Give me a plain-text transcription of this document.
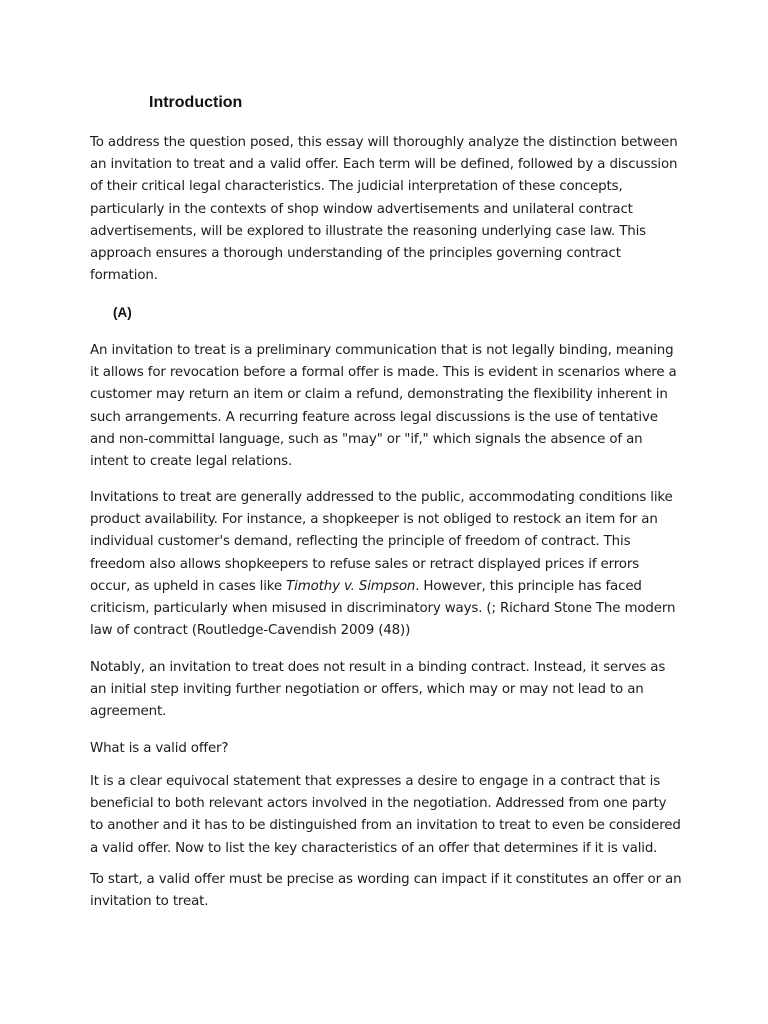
Introduction

To address the question posed, this essay will thoroughly analyze the distinction between an invitation to treat and a valid offer. Each term will be defined, followed by a discussion of their critical legal characteristics. The judicial interpretation of these concepts, particularly in the contexts of shop window advertisements and unilateral contract advertisements, will be explored to illustrate the reasoning underlying case law. This approach ensures a thorough understanding of the principles governing contract formation.

(A)

An invitation to treat is a preliminary communication that is not legally binding, meaning it allows for revocation before a formal offer is made. This is evident in scenarios where a customer may return an item or claim a refund, demonstrating the flexibility inherent in such arrangements. A recurring feature across legal discussions is the use of tentative and non-committal language, such as "may" or "if," which signals the absence of an intent to create legal relations.

Invitations to treat are generally addressed to the public, accommodating conditions like product availability. For instance, a shopkeeper is not obliged to restock an item for an individual customer's demand, reflecting the principle of freedom of contract. This freedom also allows shopkeepers to refuse sales or retract displayed prices if errors occur, as upheld in cases like Timothy v. Simpson. However, this principle has faced criticism, particularly when misused in discriminatory ways. (; Richard Stone The modern law of contract (Routledge-Cavendish 2009 (48))

Notably, an invitation to treat does not result in a binding contract. Instead, it serves as an initial step inviting further negotiation or offers, which may or may not lead to an agreement.

What is a valid offer?

It is a clear equivocal statement that expresses a desire to engage in a contract that is beneficial to both relevant actors involved in the negotiation. Addressed from one party to another and it has to be distinguished from an invitation to treat to even be considered a valid offer. Now to list the key characteristics of an offer that determines if it is valid.

To start, a valid offer must be precise as wording can impact if it constitutes an offer or an invitation to treat.
